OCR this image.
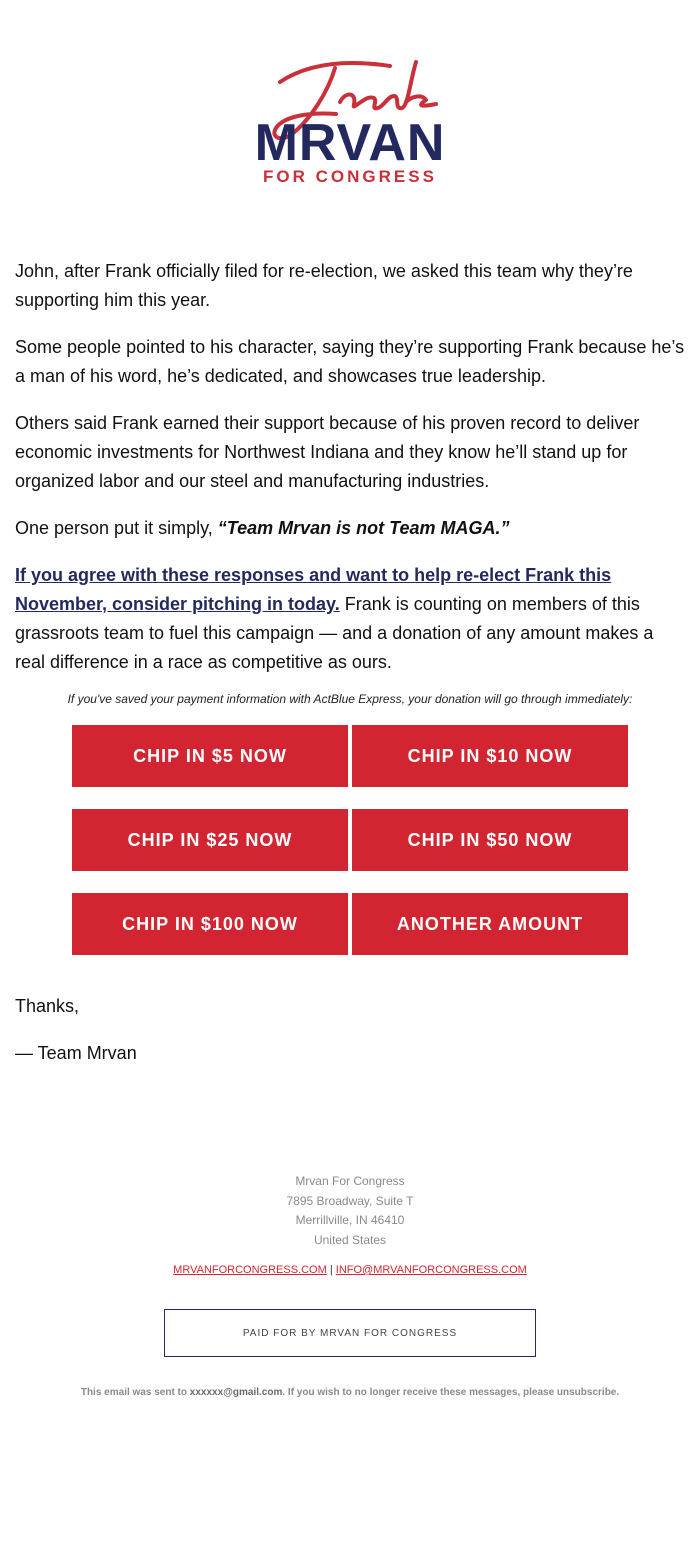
MRVAN
FOR CONGRESS

John, after Frank officially filed for re-election, we asked this team why they’re supporting him this year.

Some people pointed to his character, saying they’re supporting Frank because he’s a man of his word, he’s dedicated, and showcases true leadership.

Others said Frank earned their support because of his proven record to deliver economic investments for Northwest Indiana and they know he’ll stand up for organized labor and our steel and manufacturing industries.

One person put it simply, “Team Mrvan is not Team MAGA.”

If you agree with these responses and want to help re-elect Frank this November, consider pitching in today. Frank is counting on members of this grassroots team to fuel this campaign — and a donation of any amount makes a real difference in a race as competitive as ours.

If you've saved your payment information with ActBlue Express, your donation will go through immediately:
CHIP IN $5 NOW	CHIP IN $10 NOW
CHIP IN $25 NOW	CHIP IN $50 NOW
CHIP IN $100 NOW	ANOTHER AMOUNT
Thanks,
— Team Mrvan
Mrvan For Congress
7895 Broadway, Suite T
Merrillville, IN 46410
United States
MRVANFORCONGRESS.COM | INFO@MRVANFORCONGRESS.COM
PAID FOR BY MRVAN FOR CONGRESS
This email was sent to xxxxxx@gmail.com. If you wish to no longer receive these messages, please unsubscribe.
